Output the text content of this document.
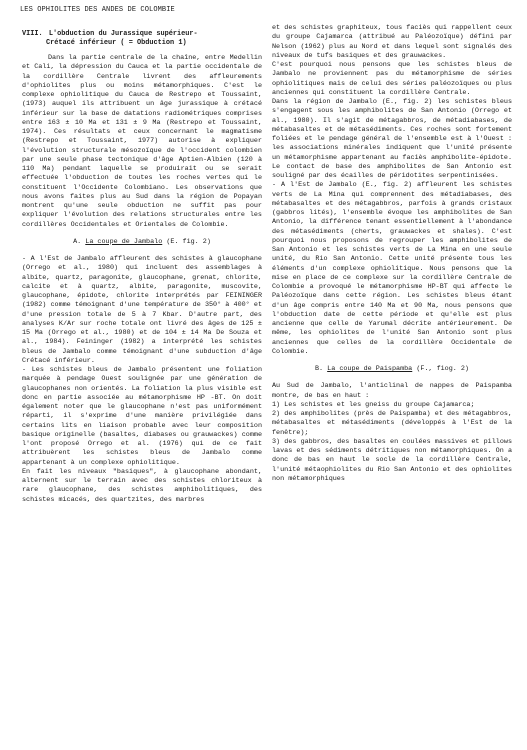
LES OPHIOLITES DES ANDES DE COLOMBIE
VIII. L'obduction du Jurassique supérieur-
Crétacé inférieur ( = Obduction 1)

Dans la partie centrale de la chaîne, entre Medellin et Cali, la dépression du Cauca et la partie occidentale de la cordillère Centrale livrent des affleurements d'ophiolites plus ou moins métamorphiques. C'est le complexe ophiolitique du Cauca de Restrepo et Toussaint, (1973) auquel ils attribuent un âge jurassique à crétacé inférieur sur la base de datations radiométriques comprises entre 163 ± 10 Ma et 131 ± 9 Ma (Restrepo et Toussaint, 1974). Ces résultats et ceux concernant le magmatisme (Restrepo et Toussaint, 1977) autorise à expliquer l'évolution structurale mésozoïque de l'occident colombien par une seule phase tectonique d'âge Aptien-Albien (120 à 110 Ma) pendant laquelle se produirait ou se serait effectuée l'obduction de toutes les roches vertes qui le constituent l'Occidente Colombiano. Les observations que nous avons faites plus au Sud dans la région de Popayan montrent qu'une seule obduction ne suffit pas pour expliquer l'évolution des relations structurales entre les cordillères Occidentales et Orientales de Colombie.

A. La coupe de Jambalo (E. fig. 2)

- A l'Est de Jambalo affleurent des schistes à glaucophane (Orrego et al., 1980) qui incluent des assemblages à albite, quartz, paragonite, glaucophane, grenat, chlorite, calcite et à quartz, albite, paragonite, muscovite, glaucophane, épidote, chlorite interprétés par FEININGER (1982) comme témoignant d'une température de 350° à 400° et d'une pression totale de 5 à 7 Kbar. D'autre part, des analyses K/Ar sur roche totale ont livré des âges de 125 ± 15 Ma (Orrego et al., 1980) et de 104 ± 14 Ma De Souza et al., 1984). Feininger (1982) a interprété les schistes bleus de Jambalo comme témoignant d'une subduction d'âge Crétacé inférieur.

- Les schistes bleus de Jambalo présentent une foliation marquée à pendage Ouest soulignée par une génération de glaucophanes non orientés. La foliation la plus visible est donc en partie associée au métamorphisme HP -BT. On doit également noter que le glaucophane n'est pas uniformément réparti, il s'exprime d'une manière privilégiée dans certains lits en liaison probable avec leur composition basique originelle (basaltes, diabases ou grauwackes) comme l'ont proposé Orrego et al. (1976) qui de ce fait attribuèrent les schistes bleus de Jambalo comme appartenant à un complexe ophiolitique.

En fait les niveaux "basiques", à glaucophane abondant, alternent sur le terrain avec des schistes chloriteux à rare glaucophane, des schistes amphibolitiques, des schistes micacés, des quartzites, des marbres

et des schistes graphiteux, tous faciès qui rappellent ceux du groupe Cajamarca (attribué au Paléozoïque) défini par Nelson (1962) plus au Nord et dans lequel sont signalés des niveaux de tufs basiques et des grauwackes.

C'est pourquoi nous pensons que les schistes bleus de Jambalo ne proviennent pas du métamorphisme de séries ophiolitiques mais de celui des séries paléozoïques ou plus anciennes qui constituent la cordillère Centrale.

Dans la région de Jambalo (E., fig. 2) les schistes bleus s'engagent sous les amphibolites de San Antonio (Orrego et al., 1980). Il s'agit de métagabbros, de métadiabases, de métabasaltes et de métasédiments. Ces roches sont fortement foliées et le pendage général de l'ensemble est à l'Ouest : les associations minérales indiquent que l'unité présente un métamorphisme appartenant au faciès amphibolite-épidote. Le contact de base des amphibolites de San Antonio est souligné par des écailles de péridotites serpentinisées.

- A l'Est de Jambalo (E., fig. 2) affleurent les schistes verts de La Mina qui comprennent des métadiabases, des métabasaltes et des métagabbros, parfois à grands cristaux (gabbros lités), l'ensemble évoque les amphibolites de San Antonio, la différence tenant essentiellement à l'abondance des métasédiments (cherts, grauwackes et shales). C'est pourquoi nous proposons de regrouper les amphibolites de San Antonio et les schistes verts de La Mina en une seule unité, du Rio San Antonio. Cette unité présente tous les éléments d'un complexe ophiolitique. Nous pensons que la mise en place de ce complexe sur la cordillère Centrale de Colombie a provoqué le métamorphisme HP-BT qui affecte le Paléozoïque dans cette région. Les schistes bleus étant d'un âge compris entre 140 Ma et 90 Ma, nous pensons que l'obduction date de cette période et qu'elle est plus ancienne que celle de Yarumal décrite antérieurement. De même, les ophiolites de l'unité San Antonio sont plus anciennes que celles de la cordillère Occidentale de Colombie.

B. La coupe de Paispamba (F., fiog. 2)

Au Sud de Jambalo, l'anticlinal de nappes de Paispamba montre, de bas en haut :

1) Les schistes et les gneiss du groupe Cajamarca;

2) des amphibolites (près de Paispamba) et des métagabbros, métabasaltes et métasédiments (développés à l'Est de la fenêtre);

3) des gabbros, des basaltes en coulées massives et pillows lavas et des sédiments détritiques non métamorphiques. On a donc de bas en haut le socle de la cordillère Centrale, l'unité métaophiolites du Rio San Antonio et des ophiolites non métamorphiques
